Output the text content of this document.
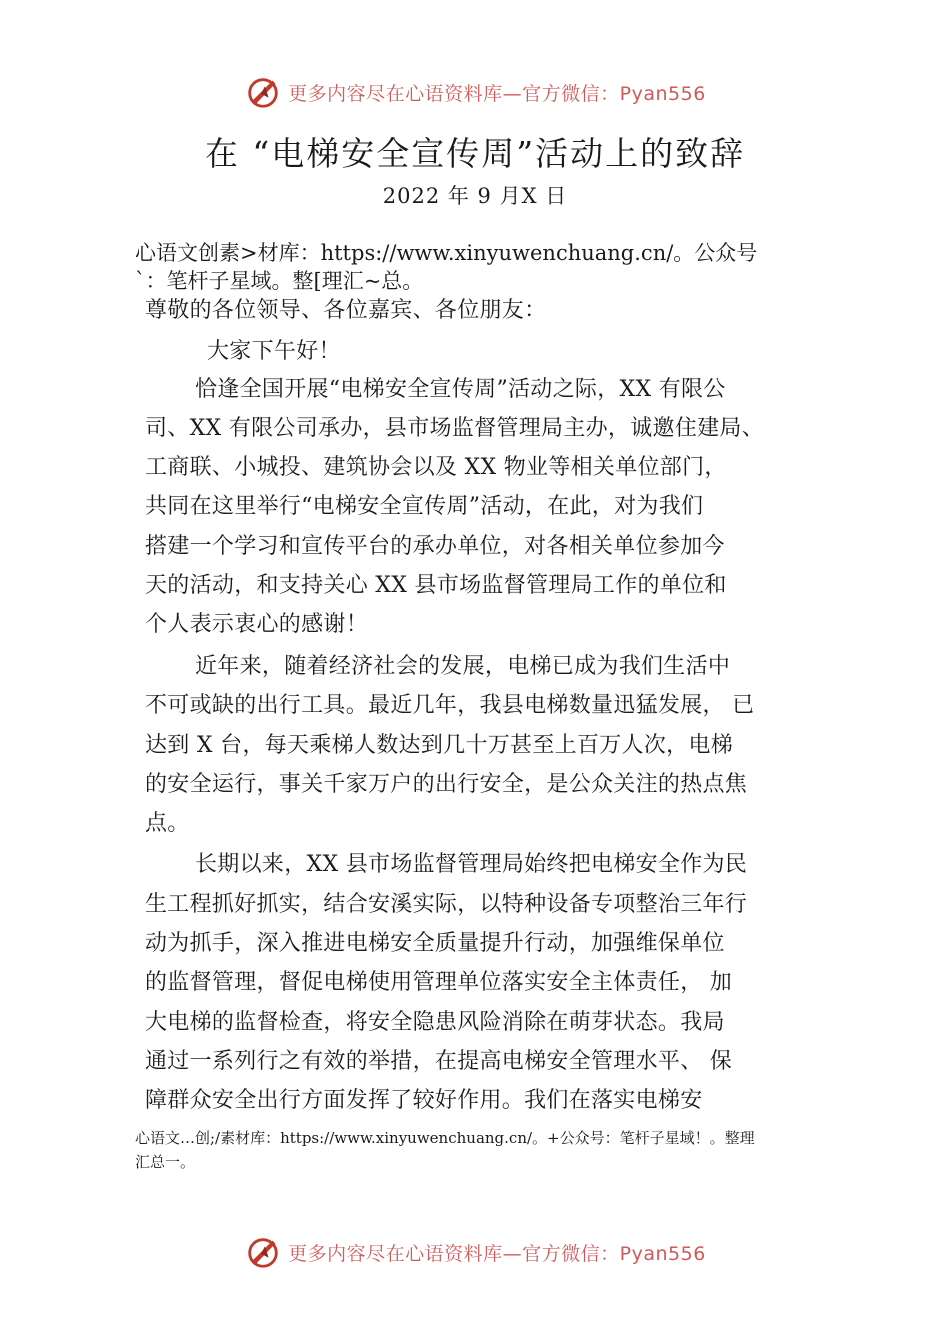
更多内容尽在心语资料库—官方微信：Pyan556
在 “电梯安全宣传周”活动上的致辞
2022 年 9 月X 日
心语文创素>材库：https://www.xinyuwenchuang.cn/。公众号
`：笔杆子星域。整[理汇~总。
尊敬的各位领导、各位嘉宾、各位朋友：
大家下午好！
恰逢全国开展“电梯安全宣传周”活动之际，XX 有限公
司、XX 有限公司承办，县市场监督管理局主办，诚邀住建局、
工商联、小城投、建筑协会以及 XX 物业等相关单位部门，
共同在这里举行“电梯安全宣传周”活动，在此，对为我们
搭建一个学习和宣传平台的承办单位，对各相关单位参加今
天的活动，和支持关心 XX 县市场监督管理局工作的单位和
个人表示衷心的感谢！
近年来，随着经济社会的发展，电梯已成为我们生活中
不可或缺的出行工具。最近几年，我县电梯数量迅猛发展， 已
达到 X 台，每天乘梯人数达到几十万甚至上百万人次，电梯
的安全运行，事关千家万户的出行安全，是公众关注的热点焦
点。
长期以来，XX 县市场监督管理局始终把电梯安全作为民
生工程抓好抓实，结合安溪实际，以特种设备专项整治三年行
动为抓手，深入推进电梯安全质量提升行动，加强维保单位
的监督管理，督促电梯使用管理单位落实安全主体责任， 加
大电梯的监督检查，将安全隐患风险消除在萌芽状态。我局
通过一系列行之有效的举措，在提高电梯安全管理水平、 保
障群众安全出行方面发挥了较好作用。我们在落实电梯安
心语文…创;/素材库：https://www.xinyuwenchuang.cn/。+公众号：笔杆子星域！。整理
汇总一。
更多内容尽在心语资料库—官方微信：Pyan556
